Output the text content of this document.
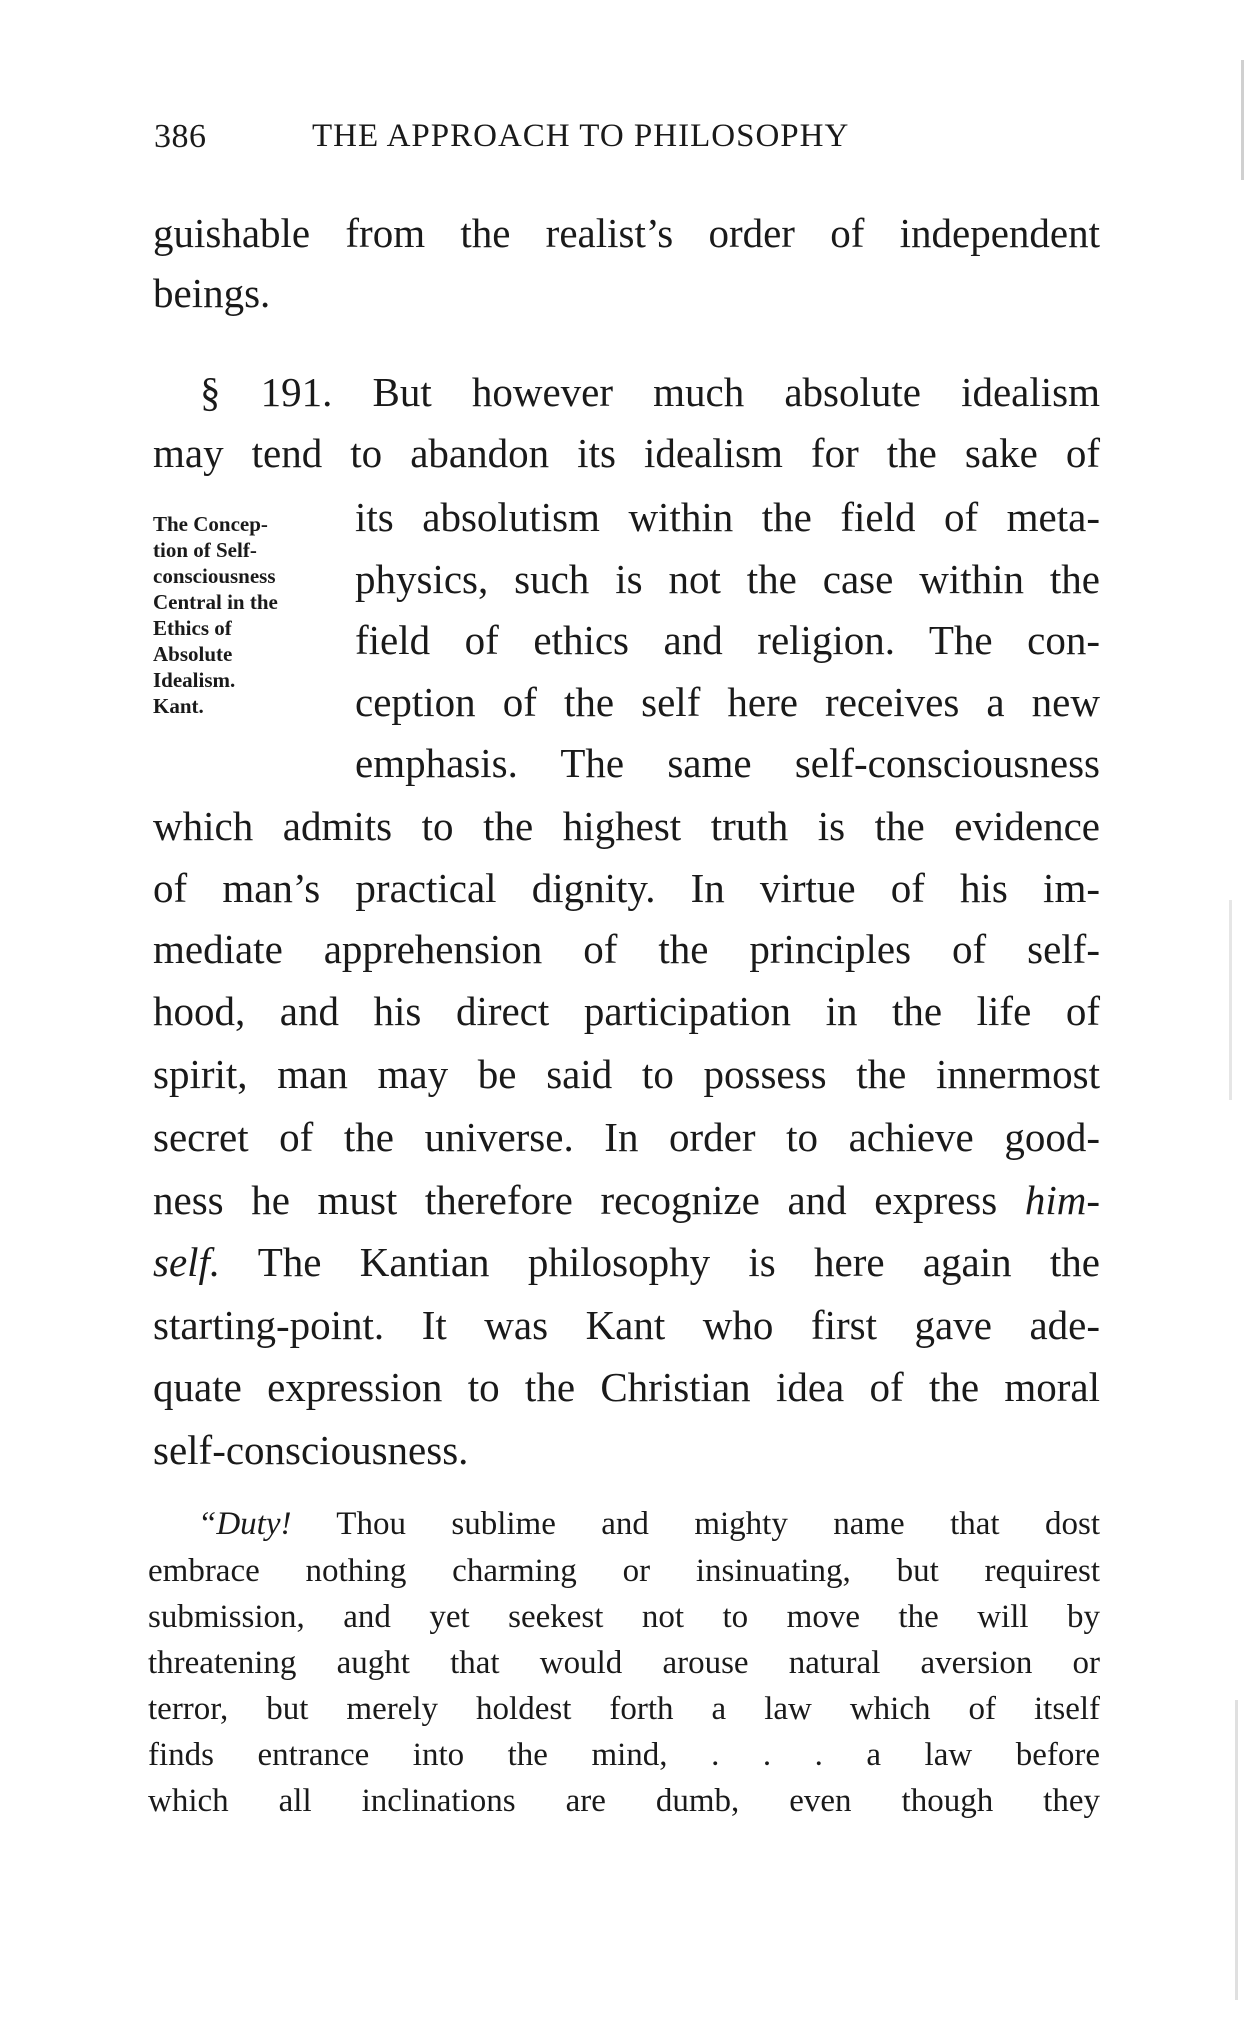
386	THE APPROACH TO PHILOSOPHY
guishable from the realist’s order of independent
beings.
§ 191. But however much absolute idealism
may tend to abandon its idealism for the sake of
The Concep-
tion of Self-
consciousness
Central in the
Ethics of
Absolute
Idealism.
Kant.
its absolutism within the field of meta-
physics, such is not the case within the
field of ethics and religion. The con-
ception of the self here receives a new
emphasis. The same self-consciousness
which admits to the highest truth is the evidence
of man’s practical dignity. In virtue of his im-
mediate apprehension of the principles of self-
hood, and his direct participation in the life of
spirit, man may be said to possess the innermost
secret of the universe. In order to achieve good-
ness he must therefore recognize and express him-
self. The Kantian philosophy is here again the
starting-point. It was Kant who first gave ade-
quate expression to the Christian idea of the moral
self-consciousness.
“Duty! Thou sublime and mighty name that dost
embrace nothing charming or insinuating, but requirest
submission, and yet seekest not to move the will by
threatening aught that would arouse natural aversion or
terror, but merely holdest forth a law which of itself
finds entrance into the mind, . . . a law before
which all inclinations are dumb, even though they
